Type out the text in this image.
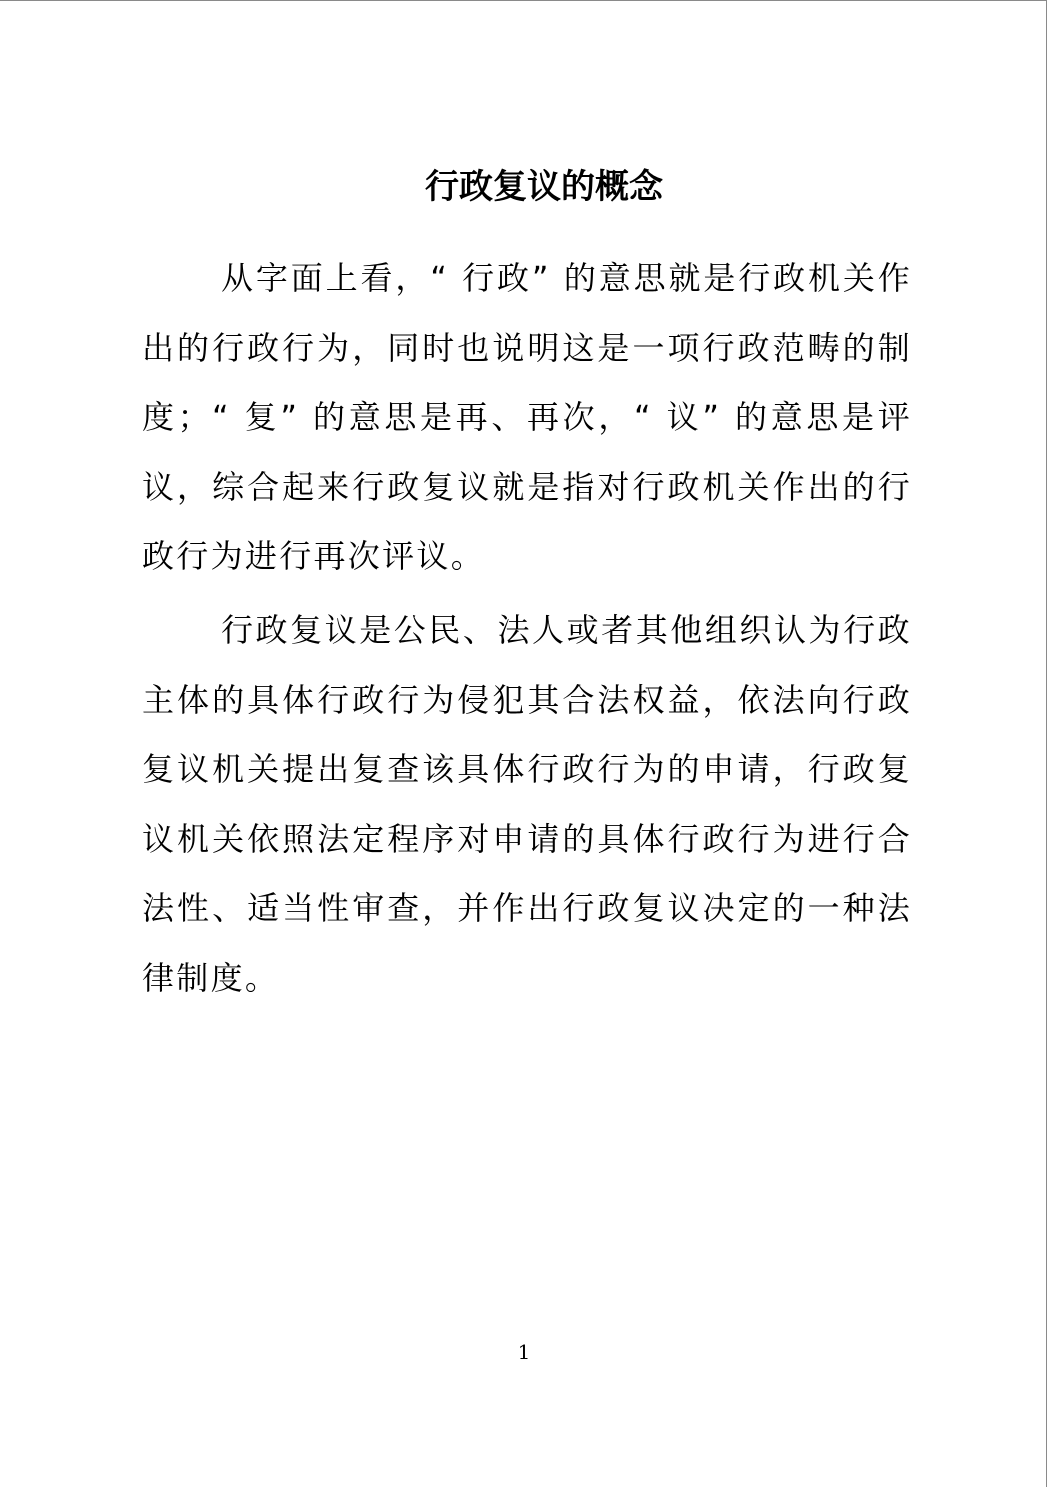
行政复议的概念

从字面上看，“ 行政” 的意思就是行政机关作出的行政行为，同时也说明这是一项行政范畴的制度；“ 复” 的意思是再、再次，“ 议” 的意思是评议，综合起来行政复议就是指对行政机关作出的行政行为进行再次评议。

行政复议是公民、法人或者其他组织认为行政主体的具体行政行为侵犯其合法权益，依法向行政复议机关提出复查该具体行政行为的申请，行政复议机关依照法定程序对申请的具体行政行为进行合法性、适当性审查，并作出行政复议决定的一种法律制度。

1
